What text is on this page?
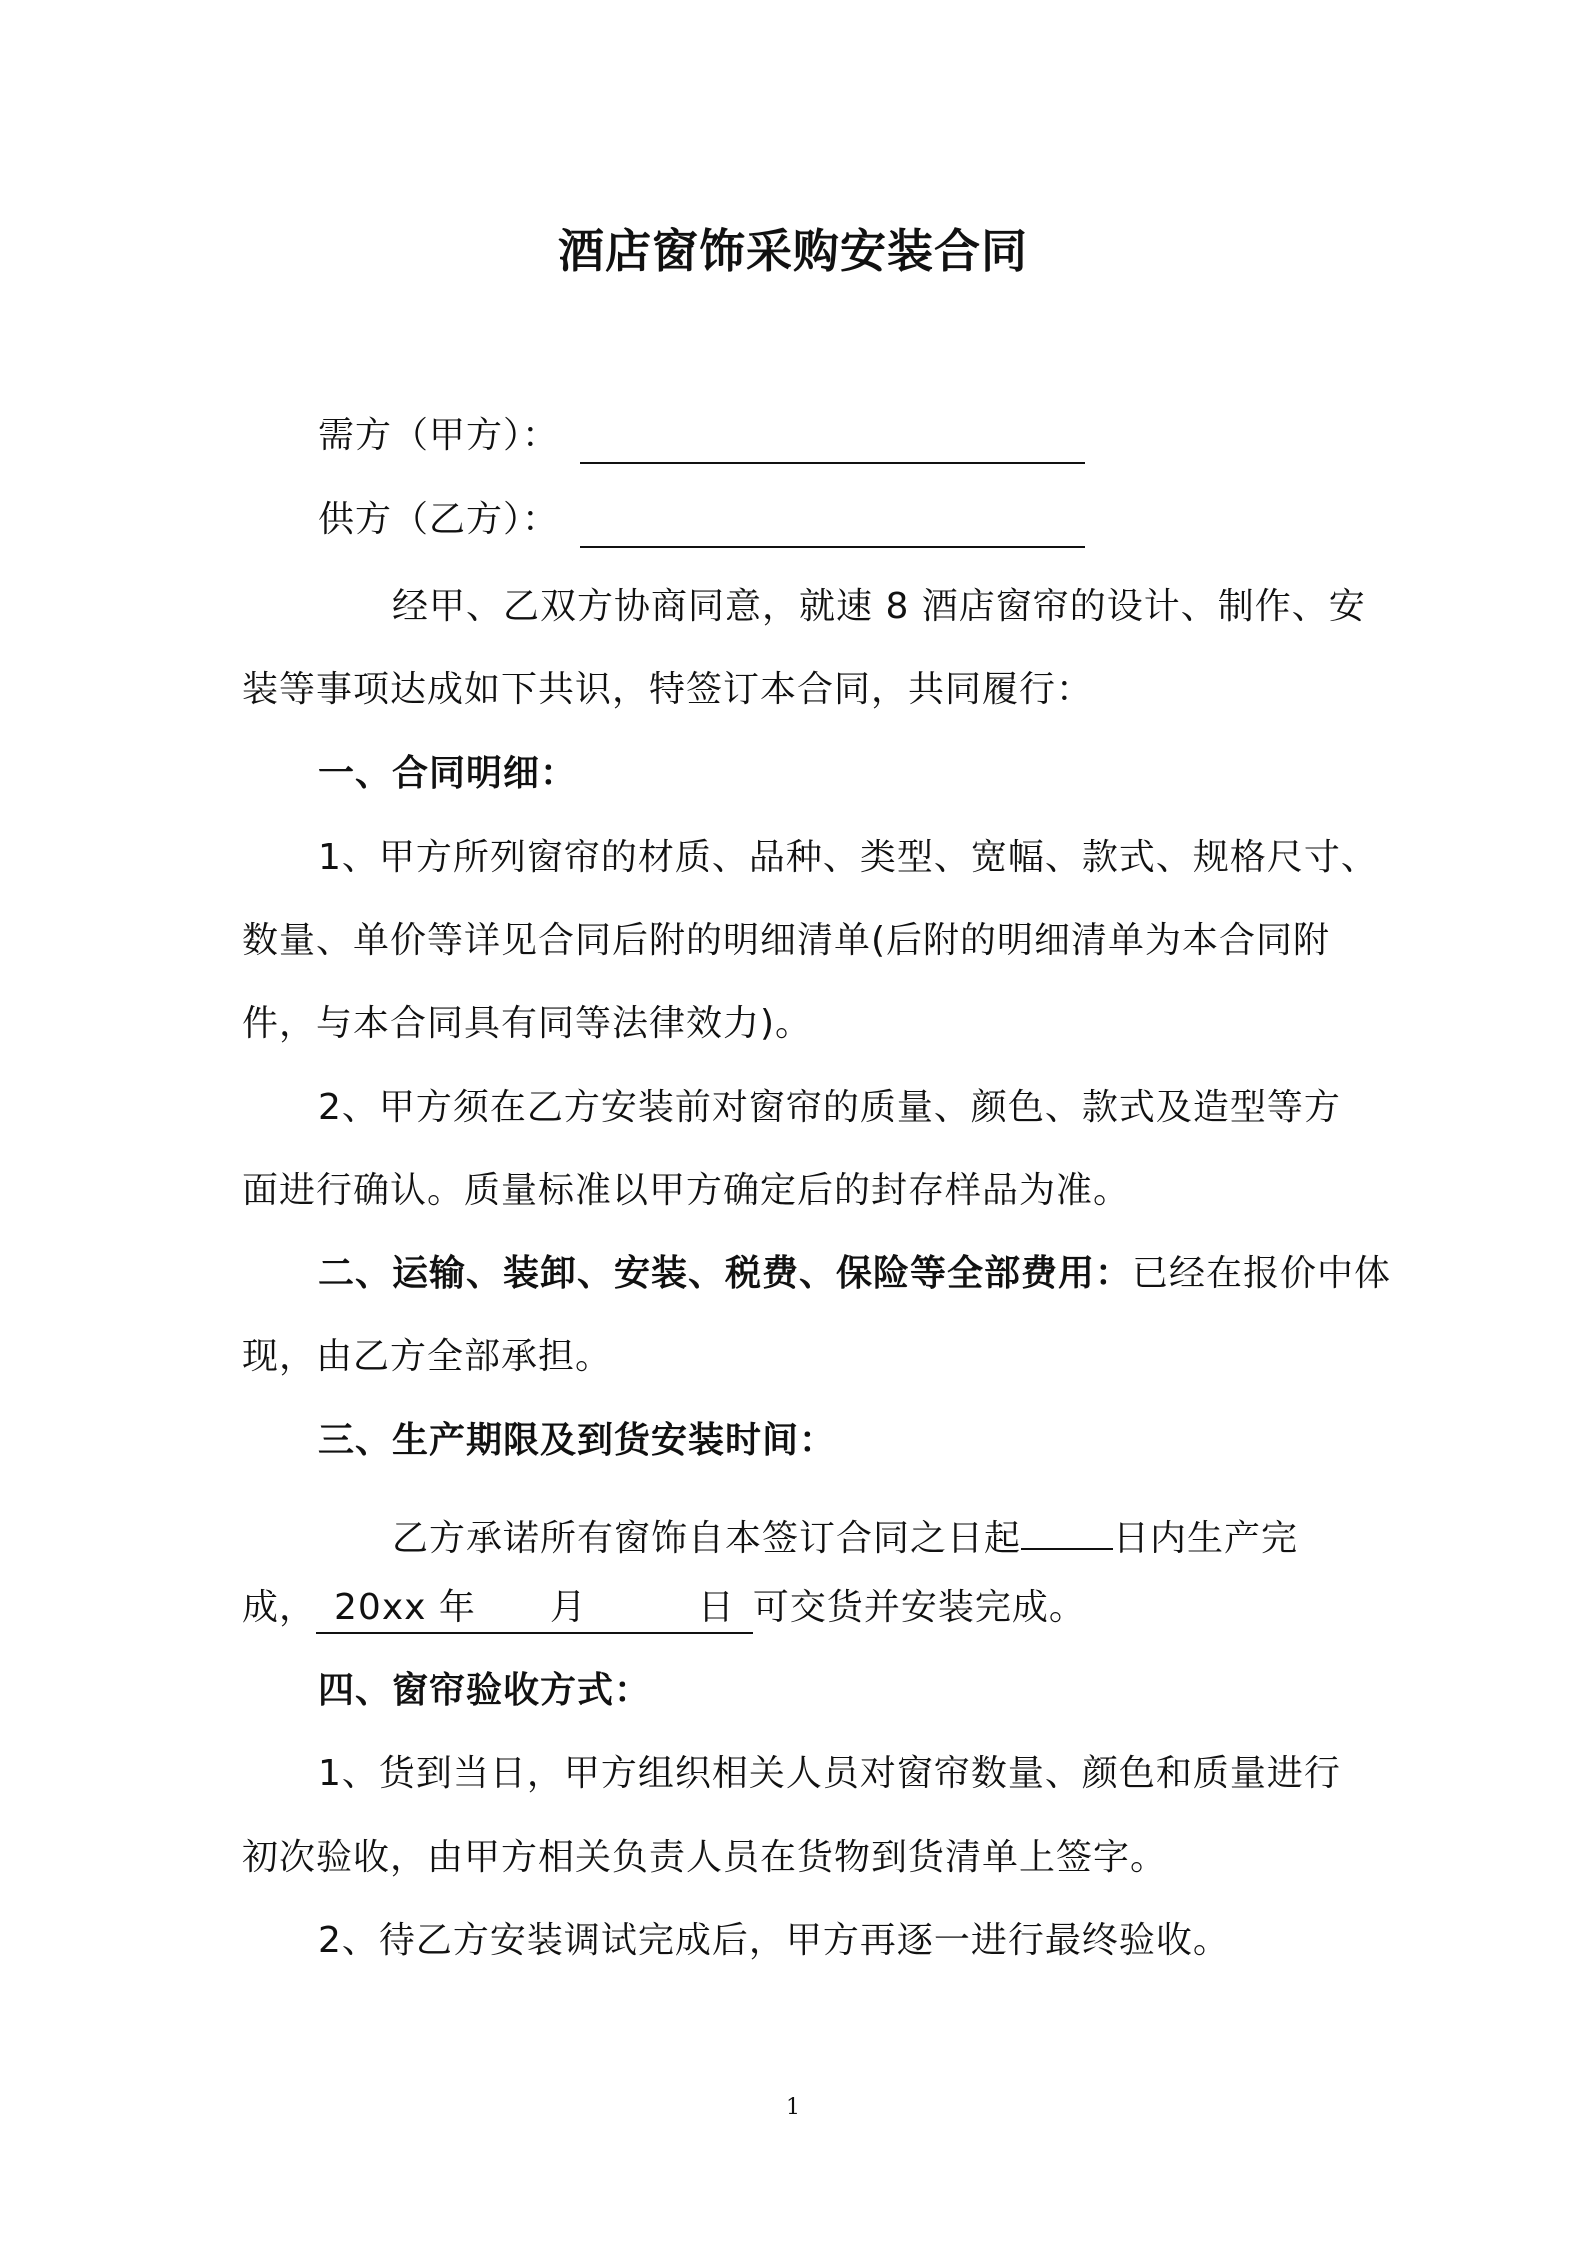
酒店窗饰采购安装合同
需方（甲方）：
供方（乙方）：
经甲、乙双方协商同意，就速 8 酒店窗帘的设计、制作、安
装等事项达成如下共识，特签订本合同，共同履行：
一、合同明细：
1、甲方所列窗帘的材质、品种、类型、宽幅、款式、规格尺寸、
数量、单价等详见合同后附的明细清单(后附的明细清单为本合同附
件，与本合同具有同等法律效力)。
2、甲方须在乙方安装前对窗帘的质量、颜色、款式及造型等方
面进行确认。质量标准以甲方确定后的封存样品为准。
二、运输、装卸、安装、税费、保险等全部费用：已经在报价中体
现，由乙方全部承担。
三、生产期限及到货安装时间：
乙方承诺所有窗饰自本签订合同之日起	日内生产完
成， 20xx 年　　月　　　日 可交货并安装完成。
四、窗帘验收方式：
1、货到当日，甲方组织相关人员对窗帘数量、颜色和质量进行
初次验收，由甲方相关负责人员在货物到货清单上签字。
2、待乙方安装调试完成后，甲方再逐一进行最终验收。
1
